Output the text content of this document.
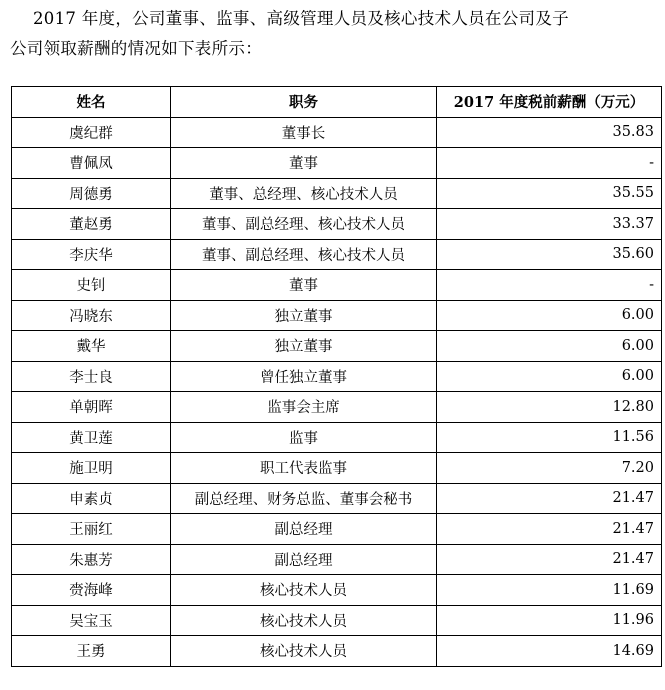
2017 年度，公司董事、监事、高级管理人员及核心技术人员在公司及子

公司领取薪酬的情况如下表所示：

姓名	职务	2017 年度税前薪酬（万元）
虞纪群	董事长	35.83
曹佩凤	董事	-
周德勇	董事、总经理、核心技术人员	35.55
董赵勇	董事、副总经理、核心技术人员	33.37
李庆华	董事、副总经理、核心技术人员	35.60
史钊	董事	-
冯晓东	独立董事	6.00
戴华	独立董事	6.00
李士良	曾任独立董事	6.00
单朝晖	监事会主席	12.80
黄卫莲	监事	11.56
施卫明	职工代表监事	7.20
申素贞	副总经理、财务总监、董事会秘书	21.47
王丽红	副总经理	21.47
朱惠芳	副总经理	21.47
赍海峰	核心技术人员	11.69
吴宝玉	核心技术人员	11.96
王勇	核心技术人员	14.69
